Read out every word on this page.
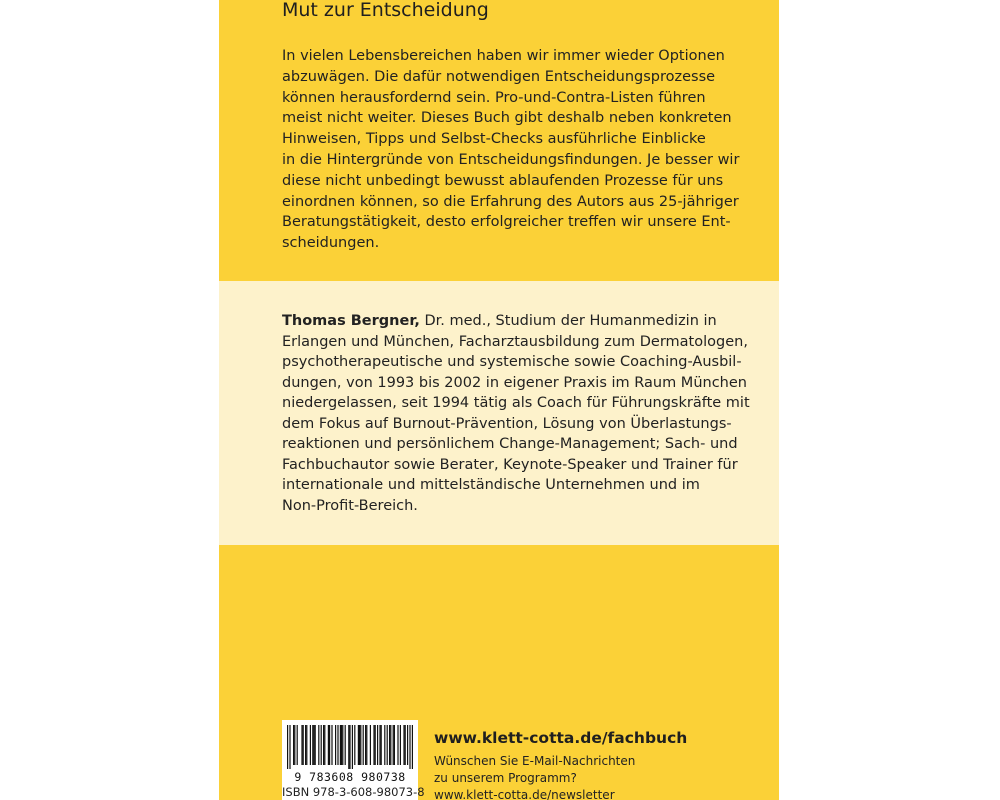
Mut zur Entscheidung

In vielen Lebensbereichen haben wir immer wieder Optionen
abzuwägen. Die dafür notwendigen Entscheidungsprozesse
können herausfordernd sein. Pro-und-Contra-Listen führen
meist nicht weiter. Dieses Buch gibt deshalb neben konkreten
Hinweisen, Tipps und Selbst-Checks ausführliche Einblicke
in die Hintergründe von Entscheidungsfindungen. Je besser wir
diese nicht unbedingt bewusst ablaufenden Prozesse für uns
einordnen können, so die Erfahrung des Autors aus 25-jähriger
Beratungstätigkeit, desto erfolgreicher treffen wir unsere Ent-
scheidungen.

Thomas Bergner, Dr. med., Studium der Humanmedizin in
Erlangen und München, Facharztausbildung zum Dermatologen,
psychotherapeutische und systemische sowie Coaching-Ausbil-
dungen, von 1993 bis 2002 in eigener Praxis im Raum München
niedergelassen, seit 1994 tätig als Coach für Führungskräfte mit
dem Fokus auf Burnout-Prävention, Lösung von Überlastungs-
reaktionen und persönlichem Change-Management; Sach- und
Fachbuchautor sowie Berater, Keynote-Speaker und Trainer für
internationale und mittelständische Unternehmen und im
Non-Profit-Bereich.

9 783608 980738
ISBN 978-3-608-98073-8
www.klett-cotta.de/fachbuch
Wünschen Sie E-Mail-Nachrichten
zu unserem Programm?
www.klett-cotta.de/newsletter
